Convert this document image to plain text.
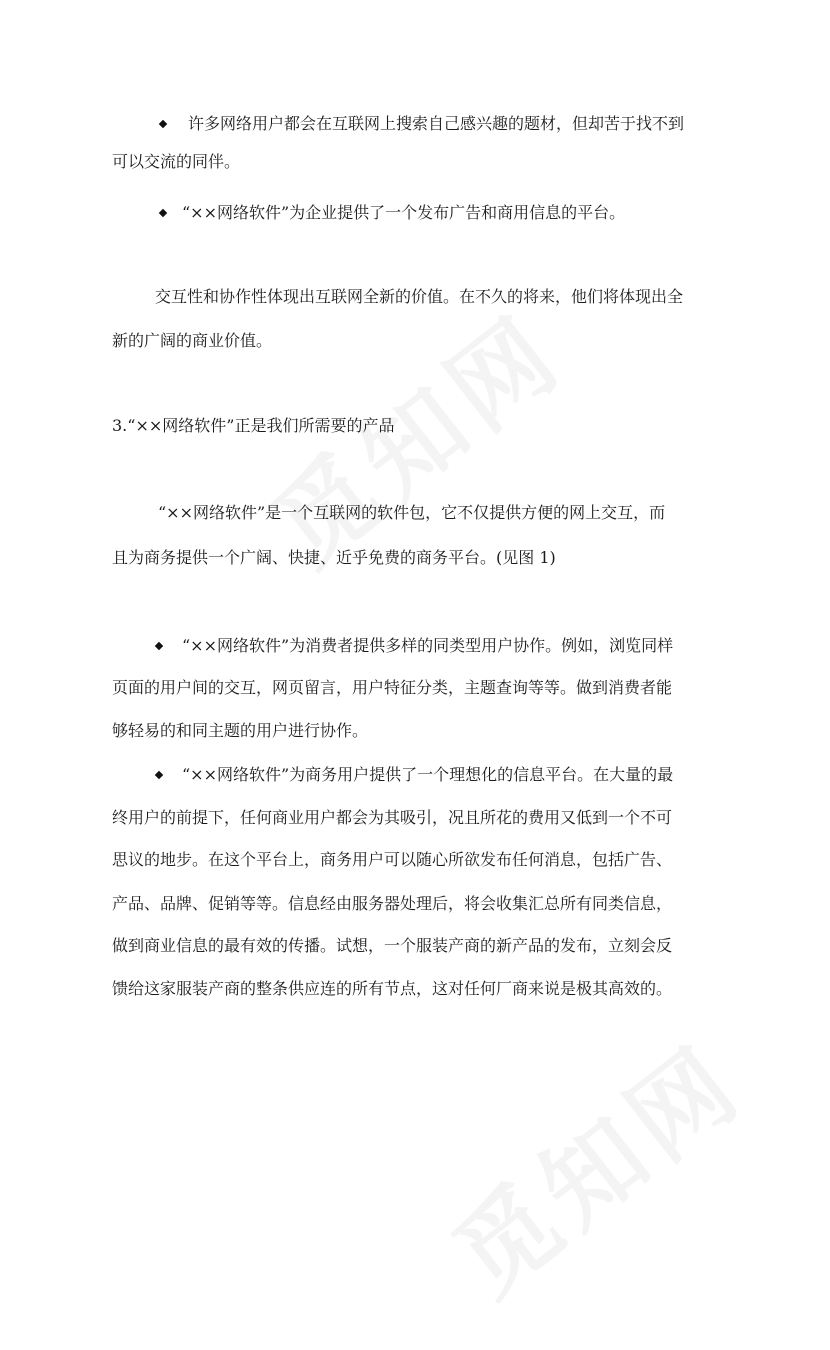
许多网络用户都会在互联网上搜索自己感兴趣的题材，但却苦于找不到
可以交流的同伴。
“××网络软件”为企业提供了一个发布广告和商用信息的平台。
交互性和协作性体现出互联网全新的价值。在不久的将来，他们将体现出全
新的广阔的商业价值。
3.“××网络软件”正是我们所需要的产品
“××网络软件”是一个互联网的软件包，它不仅提供方便的网上交互，而
且为商务提供一个广阔、快捷、近乎免费的商务平台。(见图 1)
“××网络软件”为消费者提供多样的同类型用户协作。例如，浏览同样
页面的用户间的交互，网页留言，用户特征分类，主题查询等等。做到消费者能
够轻易的和同主题的用户进行协作。
“××网络软件”为商务用户提供了一个理想化的信息平台。在大量的最
终用户的前提下，任何商业用户都会为其吸引，况且所花的费用又低到一个不可
思议的地步。在这个平台上，商务用户可以随心所欲发布任何消息，包括广告、
产品、品牌、促销等等。信息经由服务器处理后，将会收集汇总所有同类信息，
做到商业信息的最有效的传播。试想，一个服装产商的新产品的发布，立刻会反
馈给这家服装产商的整条供应连的所有节点，这对任何厂商来说是极其高效的。
